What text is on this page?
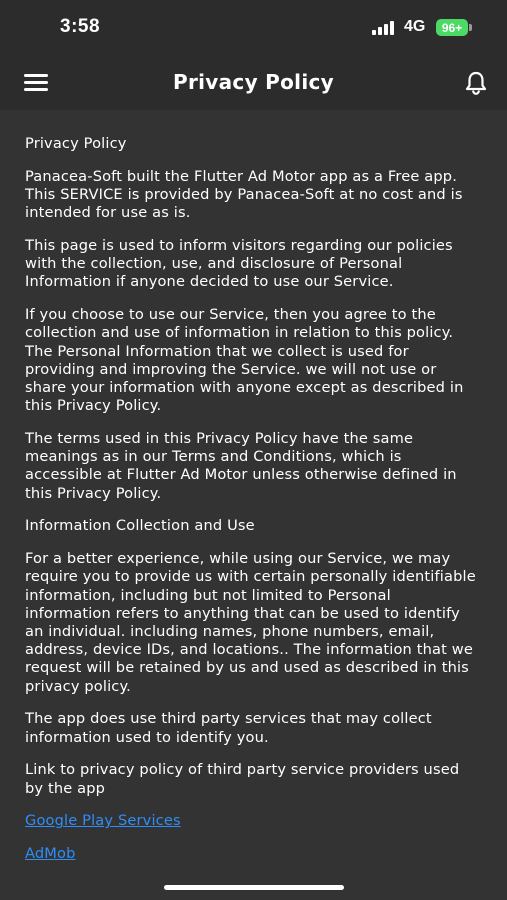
3:58	4G 96+
Privacy Policy

Privacy Policy

Panacea-Soft built the Flutter Ad Motor app as a Free app. This SERVICE is provided by Panacea-Soft at no cost and is intended for use as is.

This page is used to inform visitors regarding our policies with the collection, use, and disclosure of Personal Information if anyone decided to use our Service.

If you choose to use our Service, then you agree to the collection and use of information in relation to this policy. The Personal Information that we collect is used for providing and improving the Service. we will not use or share your information with anyone except as described in this Privacy Policy.

The terms used in this Privacy Policy have the same meanings as in our Terms and Conditions, which is accessible at Flutter Ad Motor unless otherwise defined in this Privacy Policy.

Information Collection and Use

For a better experience, while using our Service, we may require you to provide us with certain personally identifiable information, including but not limited to Personal information refers to anything that can be used to identify an individual. including names, phone numbers, email, address, device IDs, and locations.. The information that we request will be retained by us and used as described in this privacy policy.

The app does use third party services that may collect information used to identify you.

Link to privacy policy of third party service providers used by the app

Google Play Services
AdMob
